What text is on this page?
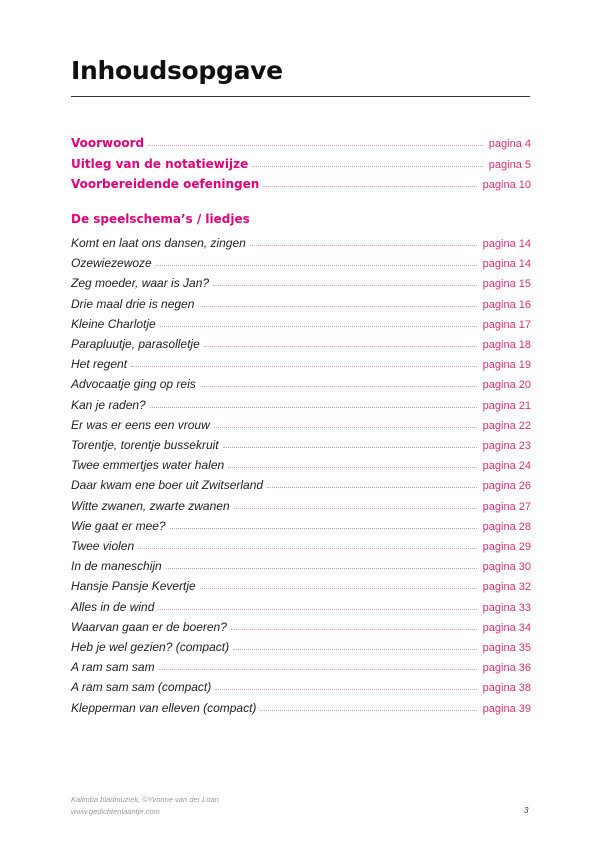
Inhoudsopgave
Voorwoord	pagina 4
Uitleg van de notatiewijze	pagina 5
Voorbereidende oefeningen	pagina 10
De speelschema’s / liedjes
Komt en laat ons dansen, zingen	pagina 14
Ozewiezewoze	pagina 14
Zeg moeder, waar is Jan?	pagina 15
Drie maal drie is negen	pagina 16
Kleine Charlotje	pagina 17
Parapluutje, parasolletje	pagina 18
Het regent	pagina 19
Advocaatje ging op reis	pagina 20
Kan je raden?	pagina 21
Er was er eens een vrouw	pagina 22
Torentje, torentje bussekruit	pagina 23
Twee emmertjes water halen	pagina 24
Daar kwam ene boer uit Zwitserland	pagina 26
Witte zwanen, zwarte zwanen	pagina 27
Wie gaat er mee?	pagina 28
Twee violen	pagina 29
In de maneschijn	pagina 30
Hansje Pansje Kevertje	pagina 32
Alles in de wind	pagina 33
Waarvan gaan er de boeren?	pagina 34
Heb je wel gezien? (compact)	pagina 35
A ram sam sam	pagina 36
A ram sam sam (compact)	pagina 38
Klepperman van elleven (compact)	pagina 39
Kalimba bladmuziek, ©Yvonne van der Loan
www.gedichtenlaantje.com	3
